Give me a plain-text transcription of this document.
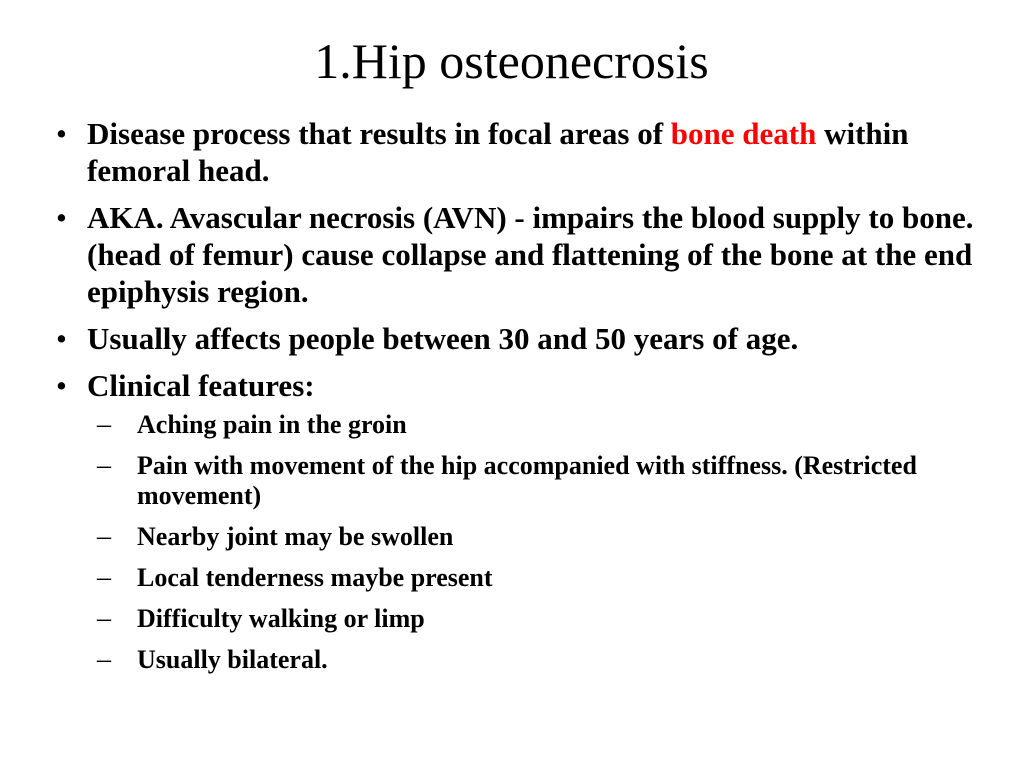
1.Hip osteonecrosis
• Disease process that results in focal areas of bone death within femoral head.
• AKA. Avascular necrosis (AVN) - impairs the blood supply to bone.(head of femur) cause collapse and flattening of the bone at the end epiphysis region.
• Usually affects people between 30 and 50 years of age.
• Clinical features:
– Aching pain in the groin
– Pain with movement of the hip accompanied with stiffness. (Restricted movement)
– Nearby joint may be swollen
– Local tenderness maybe present
– Difficulty walking or limp
– Usually bilateral.
